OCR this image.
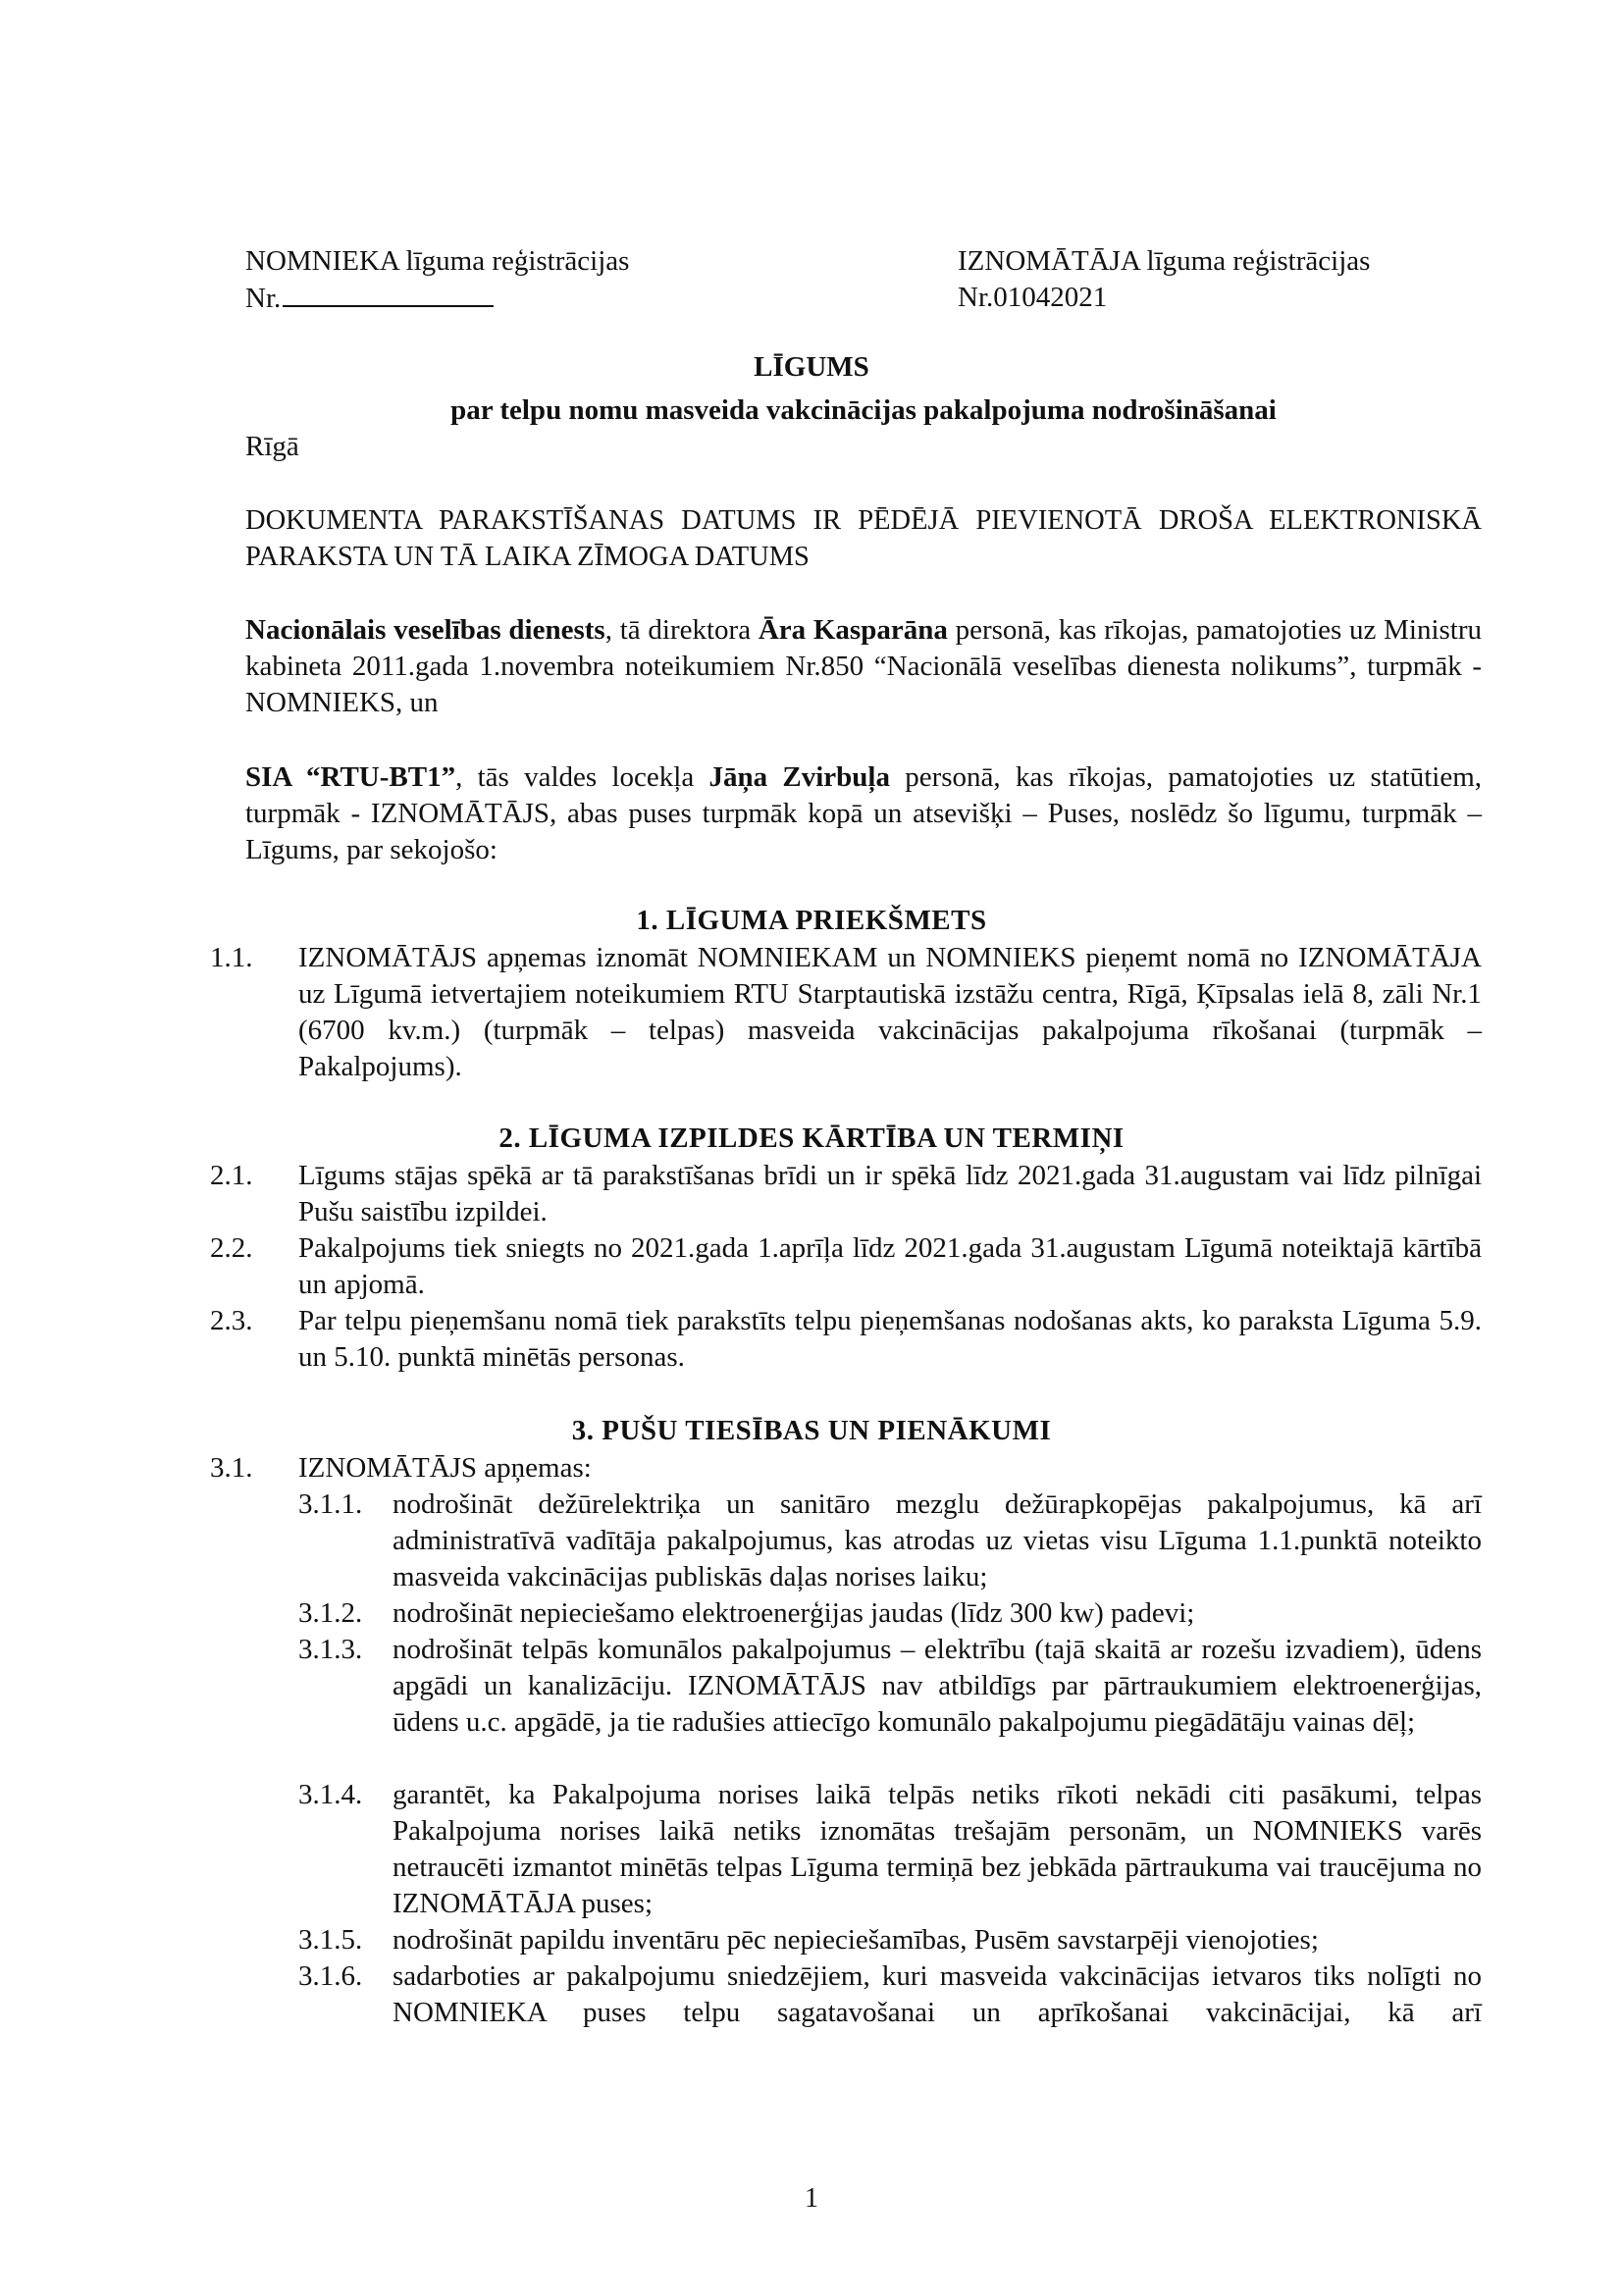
NOMNIEKA līguma reģistrācijas
Nr.
IZNOMĀTĀJA līguma reģistrācijas
Nr.01042021
LĪGUMS
par telpu nomu masveida vakcinācijas pakalpojuma nodrošināšanai
Rīgā
DOKUMENTA PARAKSTĪŠANAS DATUMS IR PĒDĒJĀ PIEVIENOTĀ DROŠA ELEKTRONISKĀ PARAKSTA UN TĀ LAIKA ZĪMOGA DATUMS
Nacionālais veselības dienests, tā direktora Āra Kasparāna personā, kas rīkojas, pamatojoties uz Ministru kabineta 2011.gada 1.novembra noteikumiem Nr.850 “Nacionālā veselības dienesta nolikums”, turpmāk - NOMNIEKS, un
SIA “RTU-BT1”, tās valdes locekļa Jāņa Zvirbuļa personā, kas rīkojas, pamatojoties uz statūtiem, turpmāk - IZNOMĀTĀJS, abas puses turpmāk kopā un atsevišķi – Puses, noslēdz šo līgumu, turpmāk – Līgums, par sekojošo:
1. LĪGUMA PRIEKŠMETS
1.1. IZNOMĀTĀJS apņemas iznomāt NOMNIEKAM un NOMNIEKS pieņemt nomā no IZNOMĀTĀJA uz Līgumā ietvertajiem noteikumiem RTU Starptautiskā izstāžu centra, Rīgā, Ķīpsalas ielā 8, zāli Nr.1 (6700 kv.m.) (turpmāk – telpas) masveida vakcinācijas pakalpojuma rīkošanai (turpmāk – Pakalpojums).
2. LĪGUMA IZPILDES KĀRTĪBA UN TERMIŅI
2.1. Līgums stājas spēkā ar tā parakstīšanas brīdi un ir spēkā līdz 2021.gada 31.augustam vai līdz pilnīgai Pušu saistību izpildei.
2.2. Pakalpojums tiek sniegts no 2021.gada 1.aprīļa līdz 2021.gada 31.augustam Līgumā noteiktajā kārtībā un apjomā.
2.3. Par telpu pieņemšanu nomā tiek parakstīts telpu pieņemšanas nodošanas akts, ko paraksta Līguma 5.9. un 5.10. punktā minētās personas.
3. PUŠU TIESĪBAS UN PIENĀKUMI
3.1. IZNOMĀTĀJS apņemas:
3.1.1. nodrošināt dežūrelektriķa un sanitāro mezglu dežūrapkopējas pakalpojumus, kā arī administratīvā vadītāja pakalpojumus, kas atrodas uz vietas visu Līguma 1.1.punktā noteikto masveida vakcinācijas publiskās daļas norises laiku;
3.1.2. nodrošināt nepieciešamo elektroenerģijas jaudas (līdz 300 kw) padevi;
3.1.3. nodrošināt telpās komunālos pakalpojumus – elektrību (tajā skaitā ar rozešu izvadiem), ūdens apgādi un kanalizāciju. IZNOMĀTĀJS nav atbildīgs par pārtraukumiem elektroenerģijas, ūdens u.c. apgādē, ja tie radušies attiecīgo komunālo pakalpojumu piegādātāju vainas dēļ;
3.1.4. garantēt, ka Pakalpojuma norises laikā telpās netiks rīkoti nekādi citi pasākumi, telpas Pakalpojuma norises laikā netiks iznomātas trešajām personām, un NOMNIEKS varēs netraucēti izmantot minētās telpas Līguma termiņā bez jebkāda pārtraukuma vai traucējuma no IZNOMĀTĀJA puses;
3.1.5. nodrošināt papildu inventāru pēc nepieciešamības, Pusēm savstarpēji vienojoties;
3.1.6. sadarboties ar pakalpojumu sniedzējiem, kuri masveida vakcinācijas ietvaros tiks nolīgti no NOMNIEKA puses telpu sagatavošanai un aprīkošanai vakcinācijai, kā arī
1
